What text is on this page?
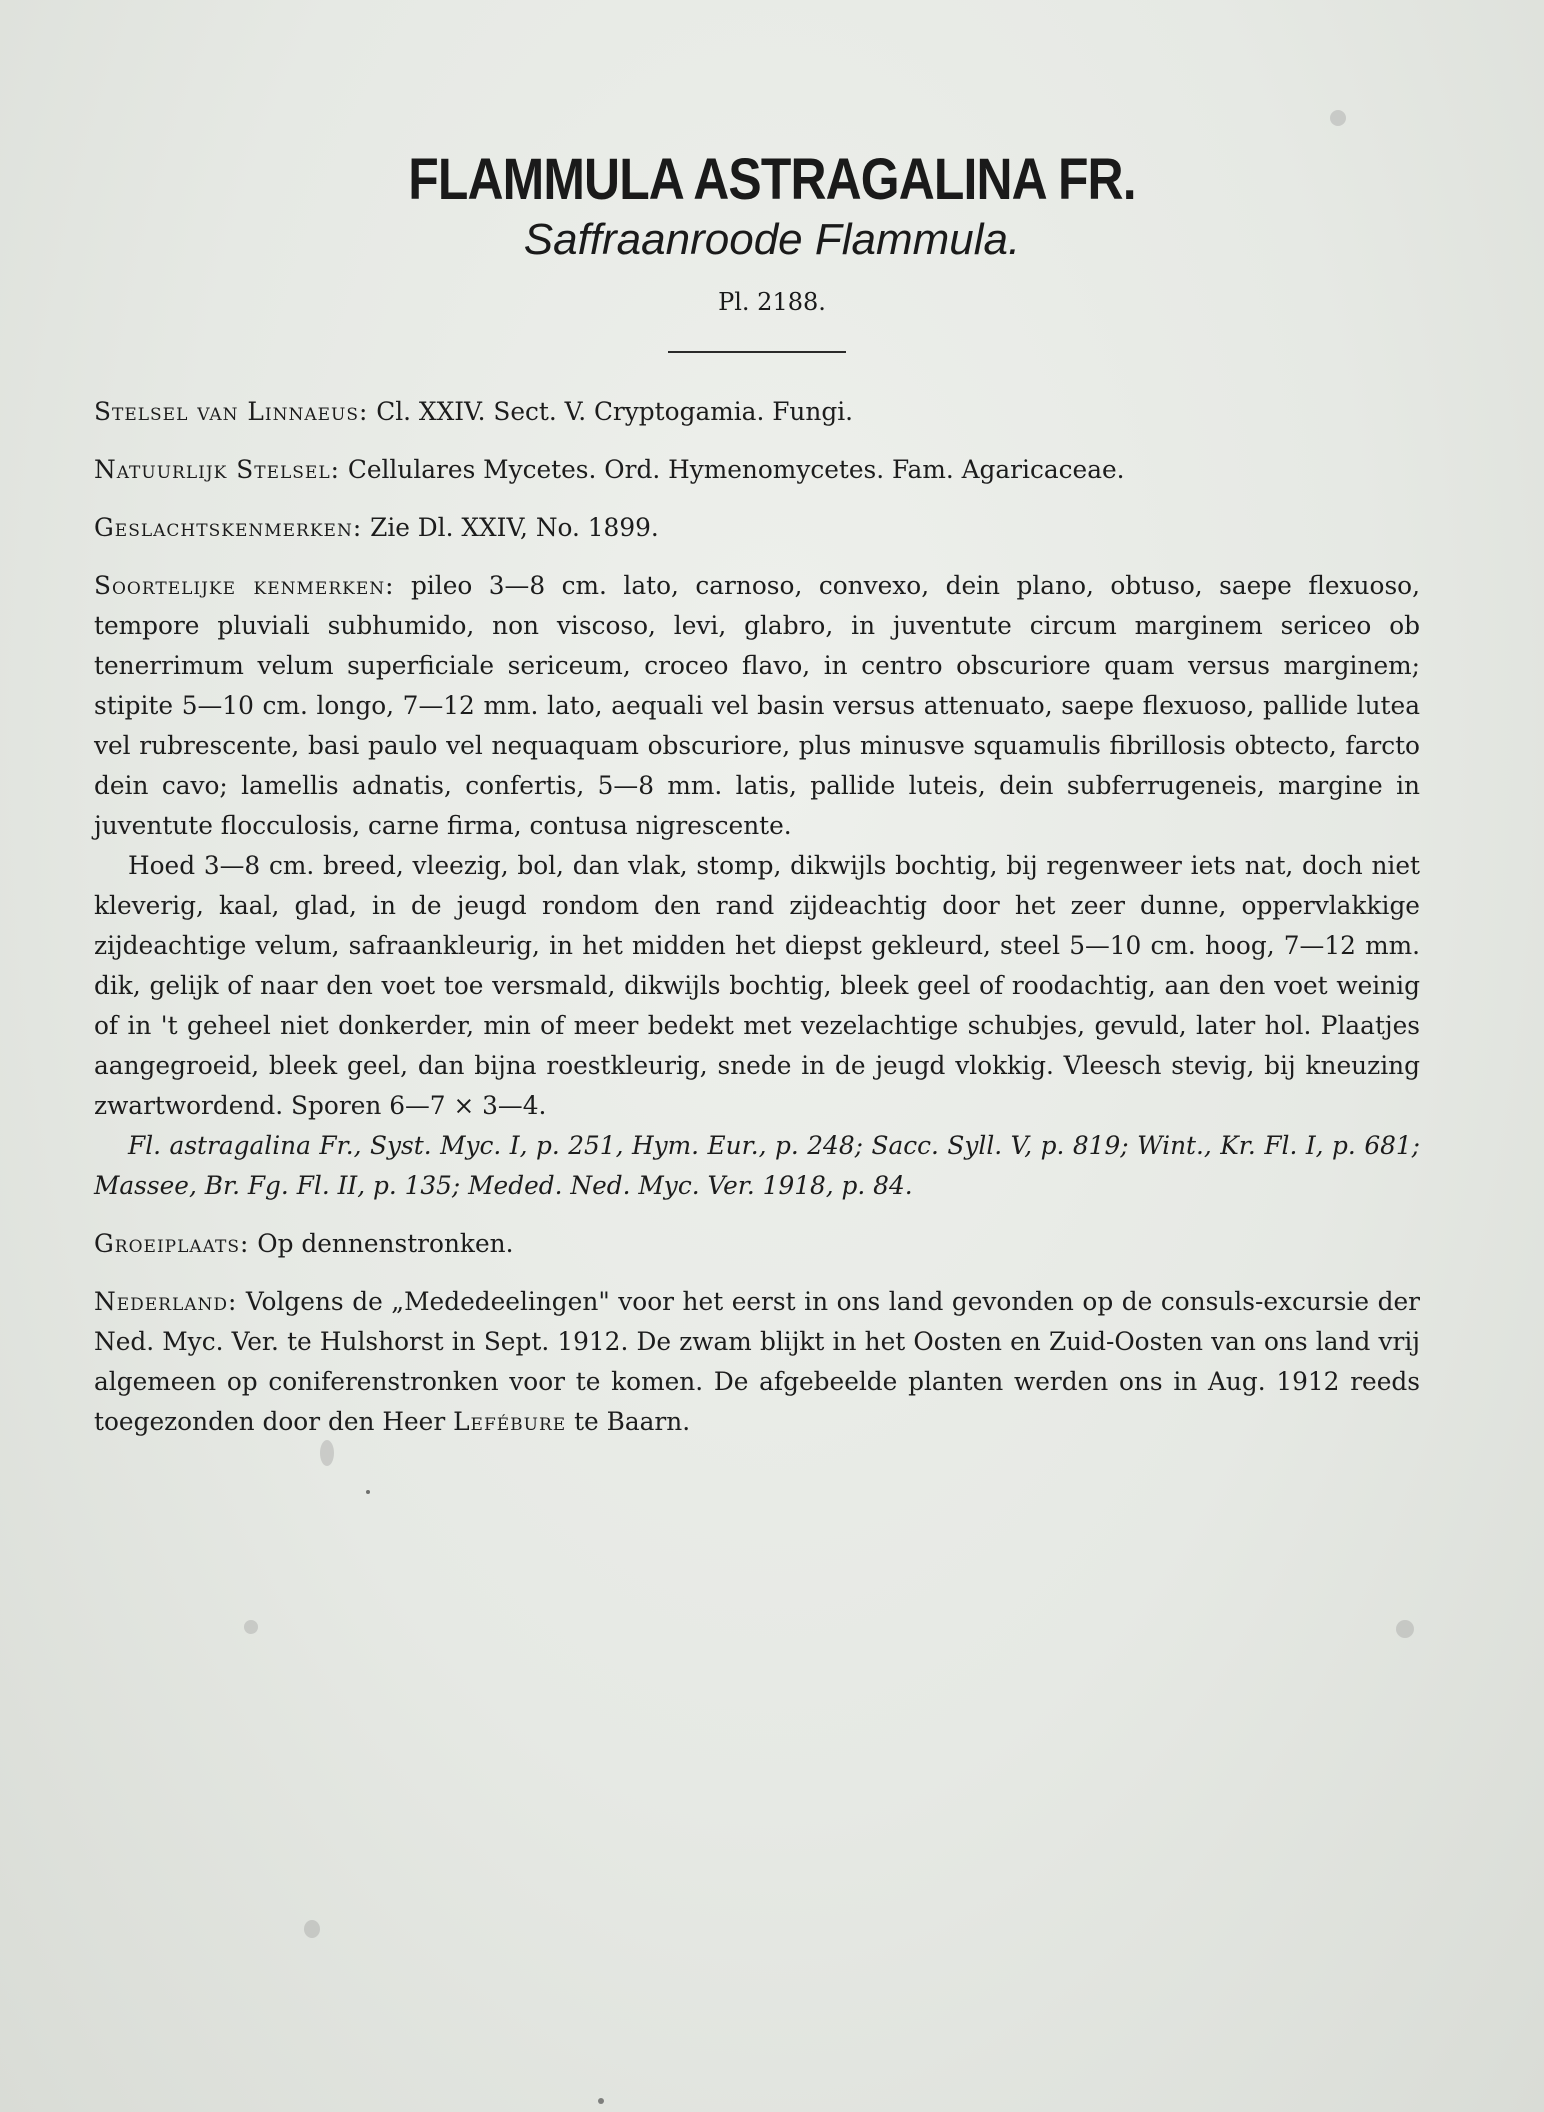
FLAMMULA ASTRAGALINA FR.
Saffraanroode Flammula.
Pl. 2188.

Stelsel van Linnaeus: Cl. XXIV. Sect. V. Cryptogamia. Fungi.

Natuurlijk Stelsel: Cellulares Mycetes. Ord. Hymenomycetes. Fam. Agaricaceae.

Geslachtskenmerken: Zie Dl. XXIV, No. 1899.

Soortelijke kenmerken: pileo 3—8 cm. lato, carnoso, convexo, dein plano, obtuso, saepe flexuoso, tempore pluviali subhumido, non viscoso, levi, glabro, in juventute circum marginem sericeo ob tenerrimum velum superficiale sericeum, croceo flavo, in centro obscuriore quam versus marginem; stipite 5—10 cm. longo, 7—12 mm. lato, aequali vel basin versus attenuato, saepe flexuoso, pallide lutea vel rubrescente, basi paulo vel nequaquam obscuriore, plus minusve squamulis fibrillosis obtecto, farcto dein cavo; lamellis adnatis, confertis, 5—8 mm. latis, pallide luteis, dein subferrugeneis, margine in juventute flocculosis, carne firma, contusa nigrescente.

Hoed 3—8 cm. breed, vleezig, bol, dan vlak, stomp, dikwijls bochtig, bij regenweer iets nat, doch niet kleverig, kaal, glad, in de jeugd rondom den rand zijdeachtig door het zeer dunne, oppervlakkige zijdeachtige velum, safraankleurig, in het midden het diepst gekleurd, steel 5—10 cm. hoog, 7—12 mm. dik, gelijk of naar den voet toe versmald, dikwijls bochtig, bleek geel of roodachtig, aan den voet weinig of in 't geheel niet donkerder, min of meer bedekt met vezelachtige schubjes, gevuld, later hol. Plaatjes aangegroeid, bleek geel, dan bijna roestkleurig, snede in de jeugd vlokkig. Vleesch stevig, bij kneuzing zwartwordend. Sporen 6—7 × 3—4.

Fl. astragalina Fr., Syst. Myc. I, p. 251, Hym. Eur., p. 248; Sacc. Syll. V, p. 819; Wint., Kr. Fl. I, p. 681; Massee, Br. Fg. Fl. II, p. 135; Meded. Ned. Myc. Ver. 1918, p. 84.

Groeiplaats: Op dennenstronken.

Nederland: Volgens de „Mededeelingen" voor het eerst in ons land gevonden op de consuls-excursie der Ned. Myc. Ver. te Hulshorst in Sept. 1912. De zwam blijkt in het Oosten en Zuid-Oosten van ons land vrij algemeen op coniferenstronken voor te komen. De afgebeelde planten werden ons in Aug. 1912 reeds toegezonden door den Heer Lefébure te Baarn.
